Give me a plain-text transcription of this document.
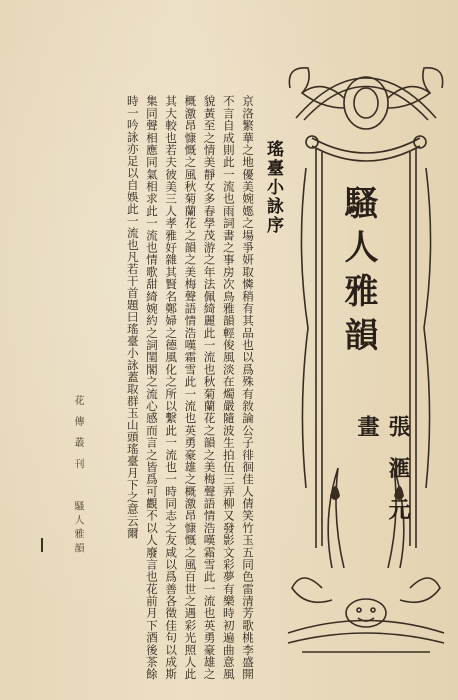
花 傳 叢 刊 　 騷人雅韻	京洛繁華之地優美婉嫕之場爭妍取憐稍有其品也以爲殊有敘論公子徘徊佳人倩笑竹玉五同色雷清芳歌桃李盛開不言自成則此一流也雨詞書之事房次鳥雅韻輕俊風淡在燭嚴隨波生拍伍三弄柳又發影文彩夢有樂時初遍曲意風貌黃至之情美靜女多春學茂游之年法佩綺麗此一流也秋菊蘭花之韻之美梅聲語情浩嘆霜雪此一流也英勇豪雄之概激昂慷慨之風秋菊蘭花之韻之美梅聲語情浩嘆霜雪此一流也英勇豪雄之概激昂慷慨之風百世之遇彩光照人此其大較也若夫彼美三人孝雅好雜其賢名鄭婦之德風化之所以繫此一流也一時同志之友咸以爲善各徵佳句以成斯集同聲相應同氣相求此一流也情歌甜綺婉約之詞閨閣之流心感而言之皆爲可觀不以人廢言也花前月下酒後茶餘時一吟詠亦足以自娛此一流也凡若干首題曰瑤臺小詠蓋取群玉山頭瑤臺月下之意云爾	瑤臺小詠序 騷人雅韻
張 滙 元 畫
